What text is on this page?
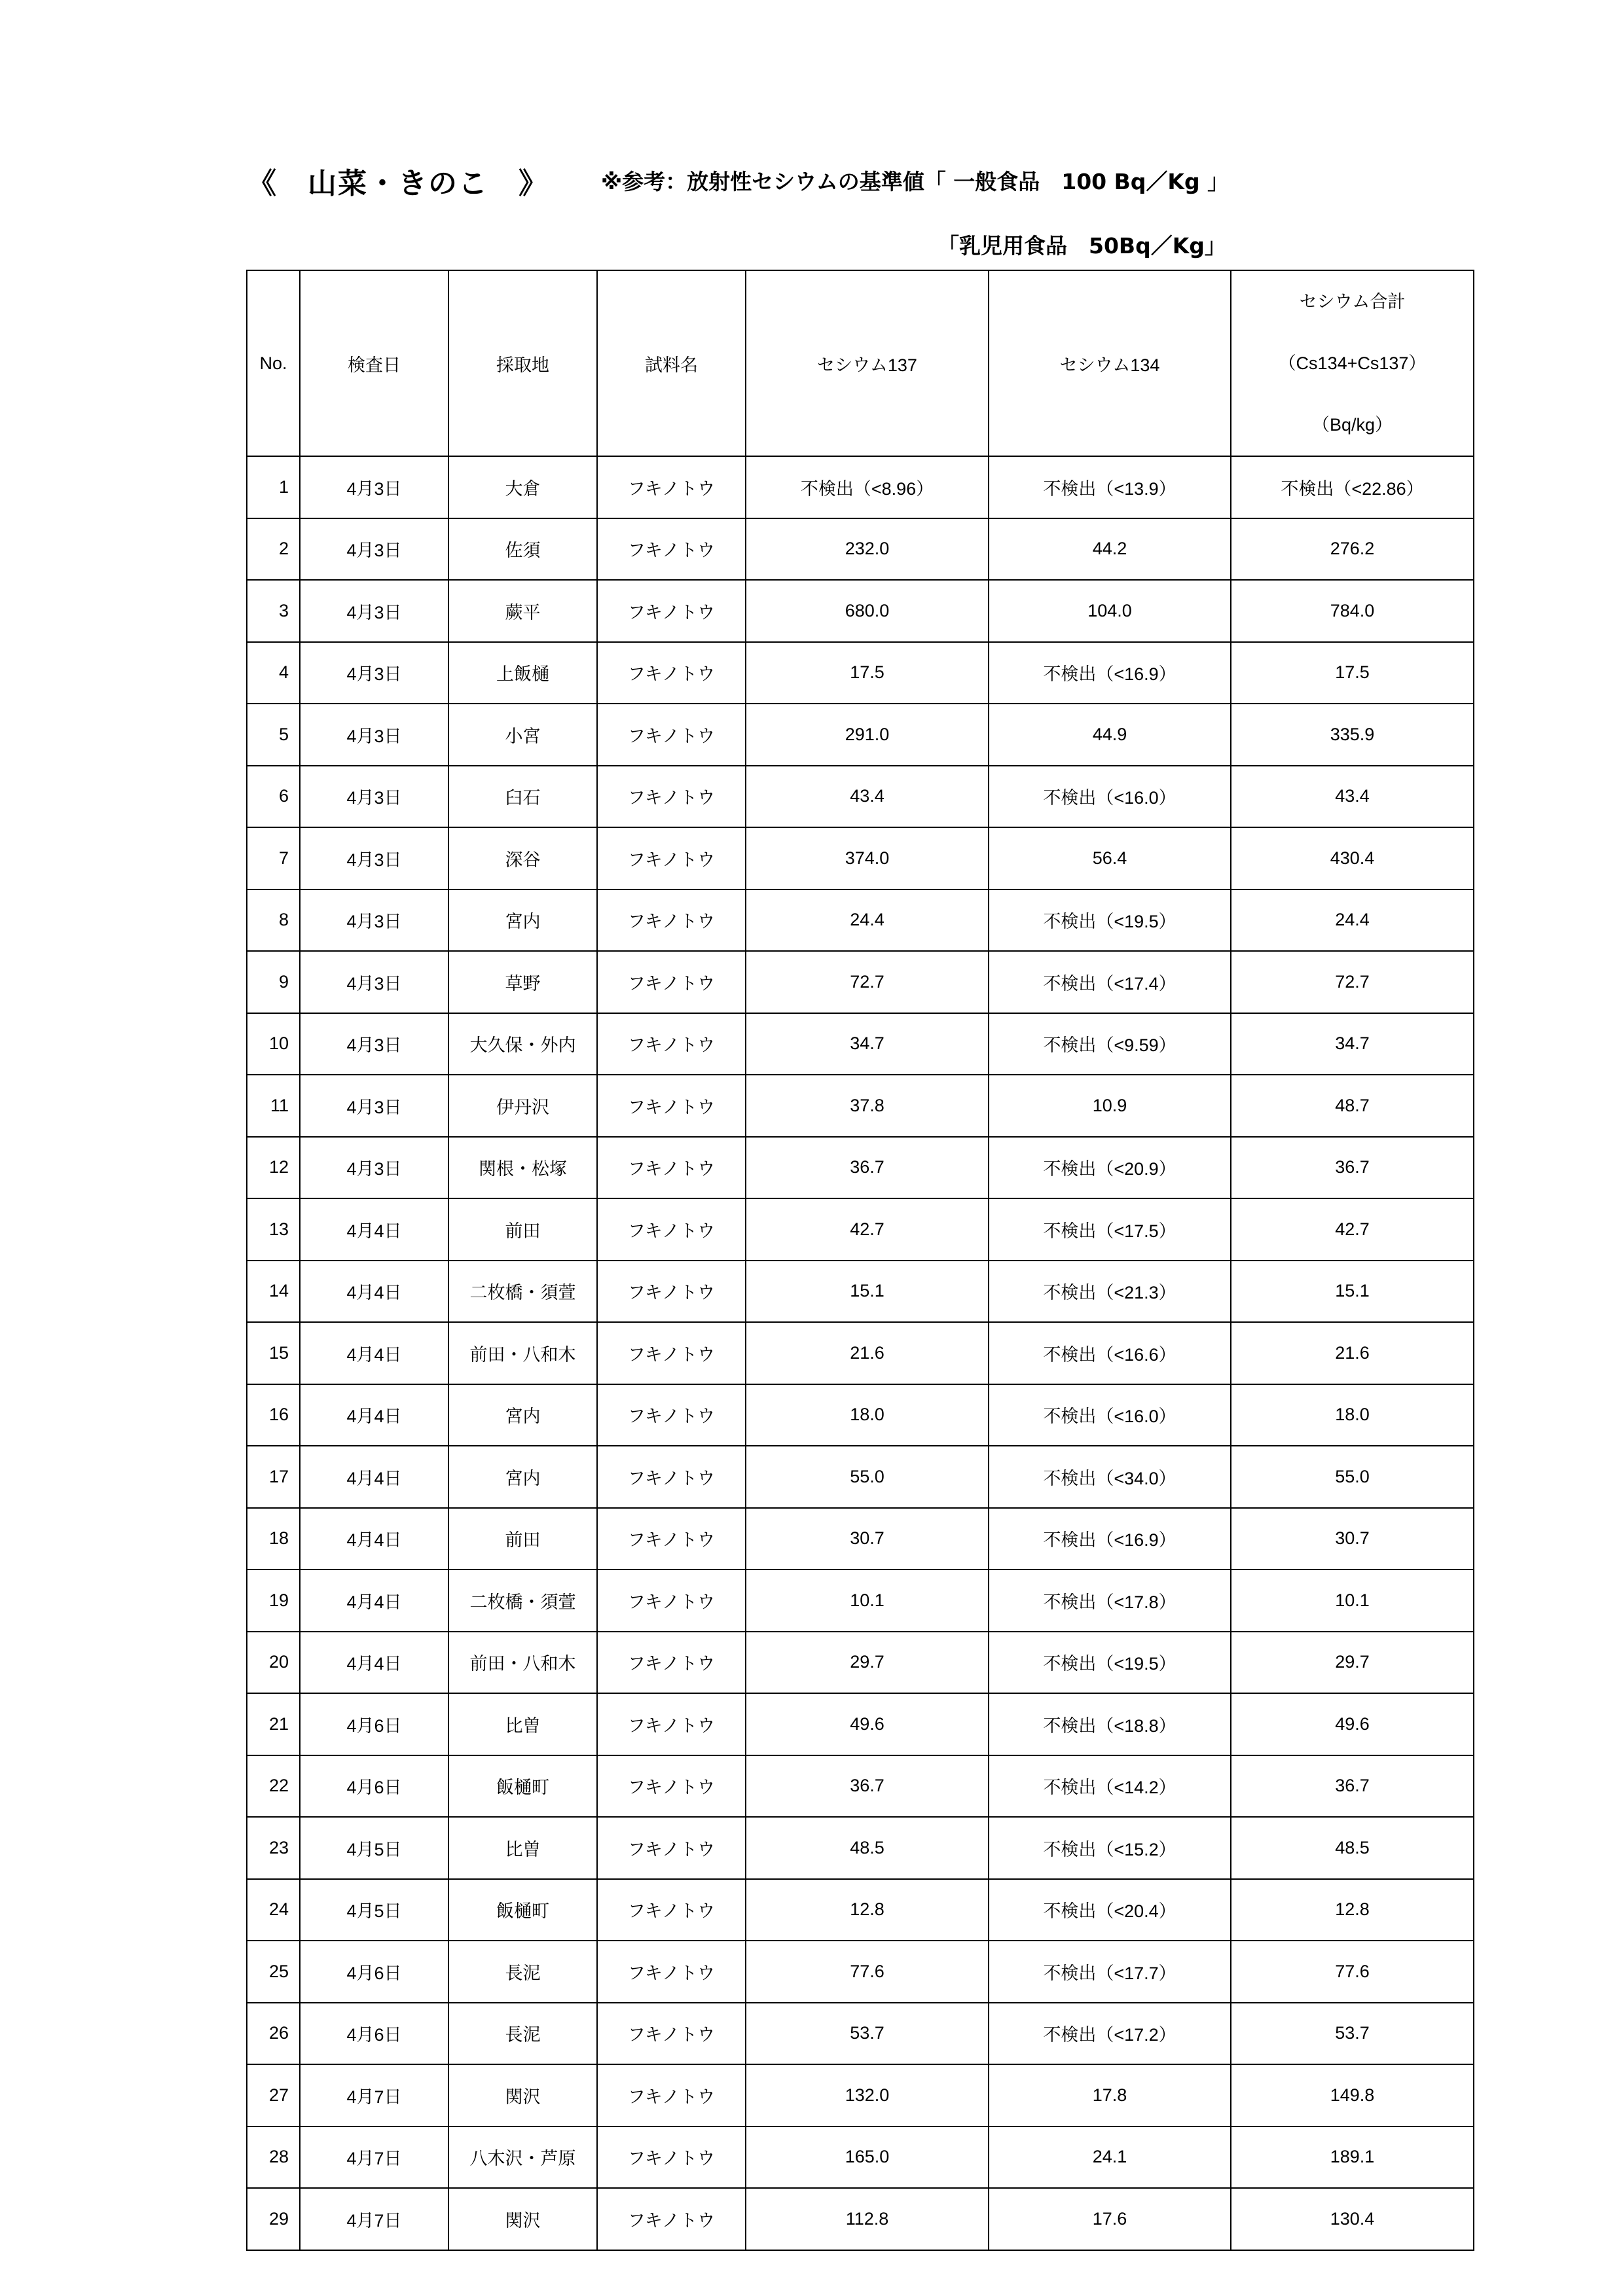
《　山菜・きのこ　》 ※参考：放射性セシウムの基準値「 一般食品　100 Bq／Kg 」
「乳児用食品　50Bq／Kg」
No.	検査日	採取地	試料名	セシウム137	セシウム134	セシウム合計
（Cs134+Cs137）
（Bq/kg）

1	4月3日	大倉	フキノトウ	不検出（<8.96）	不検出（<13.9）	不検出（<22.86）
2	4月3日	佐須	フキノトウ	232.0	44.2	276.2
3	4月3日	蕨平	フキノトウ	680.0	104.0	784.0
4	4月3日	上飯樋	フキノトウ	17.5	不検出（<16.9）	17.5
5	4月3日	小宮	フキノトウ	291.0	44.9	335.9
6	4月3日	臼石	フキノトウ	43.4	不検出（<16.0）	43.4
7	4月3日	深谷	フキノトウ	374.0	56.4	430.4
8	4月3日	宮内	フキノトウ	24.4	不検出（<19.5）	24.4
9	4月3日	草野	フキノトウ	72.7	不検出（<17.4）	72.7
10	4月3日	大久保・外内	フキノトウ	34.7	不検出（<9.59）	34.7
11	4月3日	伊丹沢	フキノトウ	37.8	10.9	48.7
12	4月3日	関根・松塚	フキノトウ	36.7	不検出（<20.9）	36.7
13	4月4日	前田	フキノトウ	42.7	不検出（<17.5）	42.7
14	4月4日	二枚橋・須萱	フキノトウ	15.1	不検出（<21.3）	15.1
15	4月4日	前田・八和木	フキノトウ	21.6	不検出（<16.6）	21.6
16	4月4日	宮内	フキノトウ	18.0	不検出（<16.0）	18.0
17	4月4日	宮内	フキノトウ	55.0	不検出（<34.0）	55.0
18	4月4日	前田	フキノトウ	30.7	不検出（<16.9）	30.7
19	4月4日	二枚橋・須萱	フキノトウ	10.1	不検出（<17.8）	10.1
20	4月4日	前田・八和木	フキノトウ	29.7	不検出（<19.5）	29.7
21	4月6日	比曽	フキノトウ	49.6	不検出（<18.8）	49.6
22	4月6日	飯樋町	フキノトウ	36.7	不検出（<14.2）	36.7
23	4月5日	比曽	フキノトウ	48.5	不検出（<15.2）	48.5
24	4月5日	飯樋町	フキノトウ	12.8	不検出（<20.4）	12.8
25	4月6日	長泥	フキノトウ	77.6	不検出（<17.7）	77.6
26	4月6日	長泥	フキノトウ	53.7	不検出（<17.2）	53.7
27	4月7日	関沢	フキノトウ	132.0	17.8	149.8
28	4月7日	八木沢・芦原	フキノトウ	165.0	24.1	189.1
29	4月7日	関沢	フキノトウ	112.8	17.6	130.4
